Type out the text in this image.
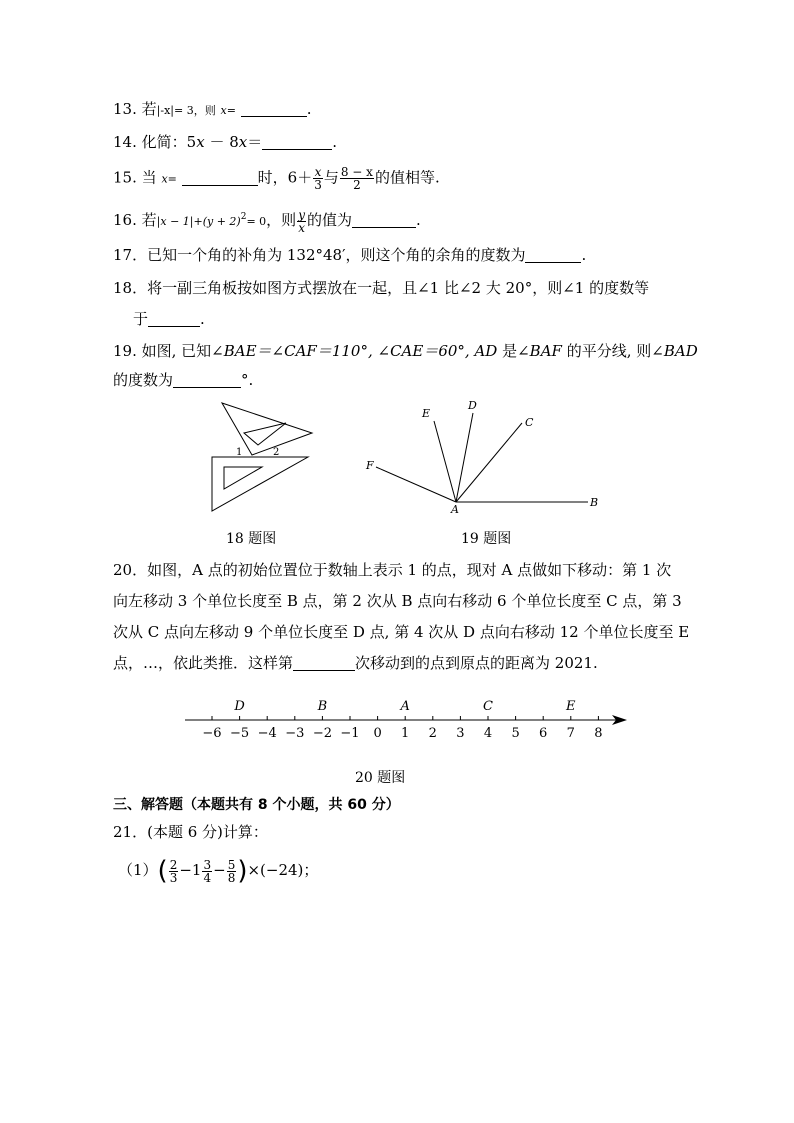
13. 若|-x|= 3，则 x=	.
14. 化简：5x － 8x＝	.
15. 当 x=	时，$6+ \frac{x}{3}$ 与 $\frac{8 - x}{2}$ 的值相等.
16. 若$|x - 1|+(y + 2)^2= 0$，则 $\frac{y}{x}$ 的值为	.
17．已知一个角的补角为 132°48′，则这个角的余角的度数为	.
18．将一副三角板按如图方式摆放在一起，且∠1 比∠2 大 20°，则∠1 的度数等
于	.
19. 如图, 已知∠BAE＝∠CAF＝110°, ∠CAE＝60°, AD 是∠BAF 的平分线, 则∠BAD
的度数为	°.
1	2
E
D
C
F
A
B
18 题图	19 题图
20．如图，A 点的初始位置位于数轴上表示 1 的点，现对 A 点做如下移动：第 1 次
向左移动 3 个单位长度至 B 点，第 2 次从 B 点向右移动 6 个单位长度至 C 点，第 3
次从 C 点向左移动 9 个单位长度至 D 点, 第 4 次从 D 点向右移动 12 个单位长度至 E
点，…，依此类推．这样第	次移动到的点到原点的距离为 2021.
−6 −5 −4 −3 −2 −1 0 1 2 3 4 5 6 7 8
D	B	A	C	E
20 题图
三、解答题（本题共有 8 个小题，共 60 分）
21．(本题 6 分)计算：
$(1)( \frac{2}{3} -1 \frac{3}{4} - \frac{5}{8} )\times(-24)$；
